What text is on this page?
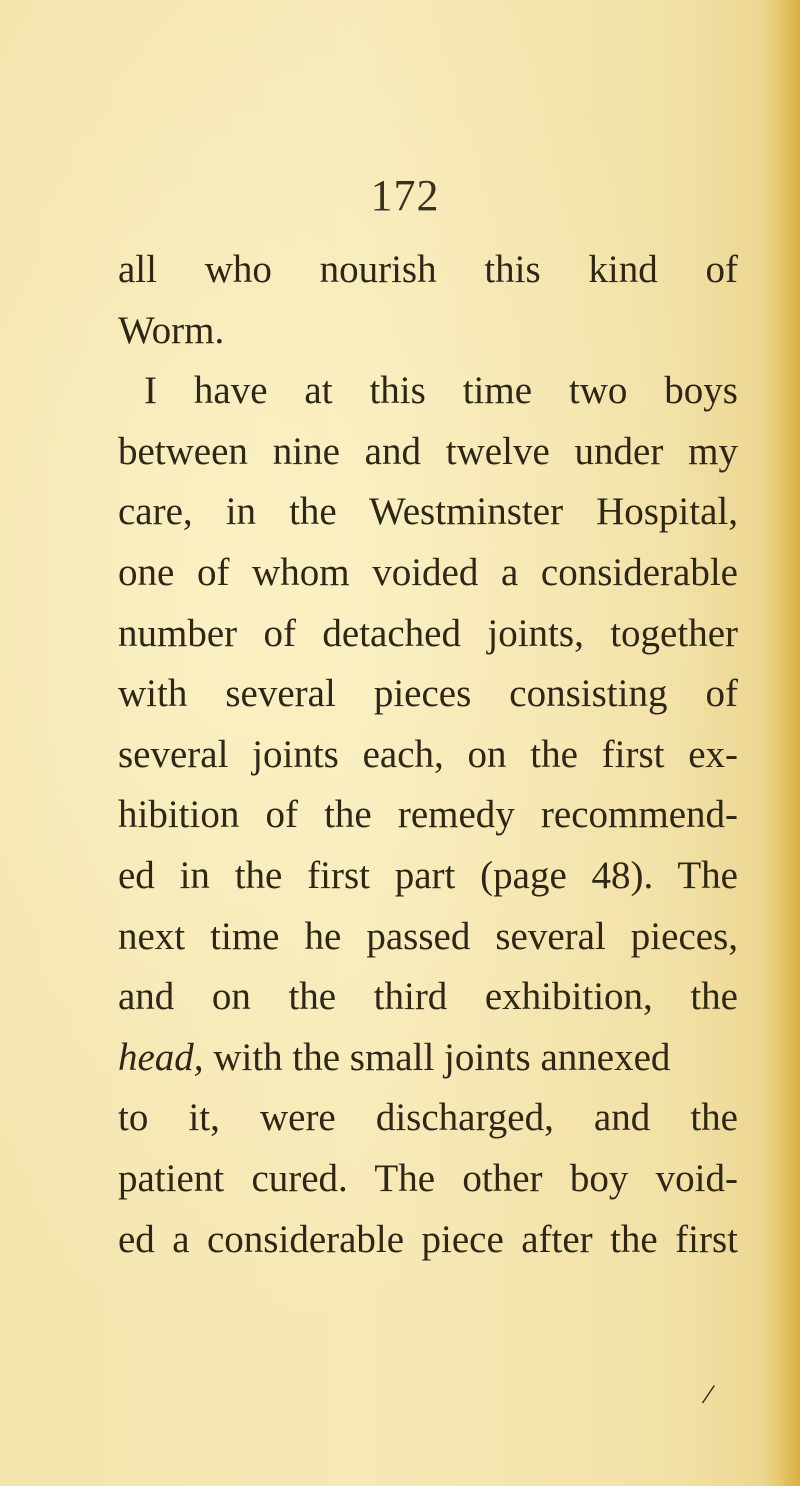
172
all who nourish this kind of
Worm.
I have at this time two boys
between nine and twelve under my
care, in the Westminster Hospital,
one of whom voided a considerable
number of detached joints, together
with several pieces consisting of
several joints each, on the first ex-
hibition of the remedy recommend-
ed in the first part (page 48). The
next time he passed several pieces,
and on the third exhibition, the
head, with the small joints annexed
to it, were discharged, and the
patient cured. The other boy void-
ed a considerable piece after the first
/
